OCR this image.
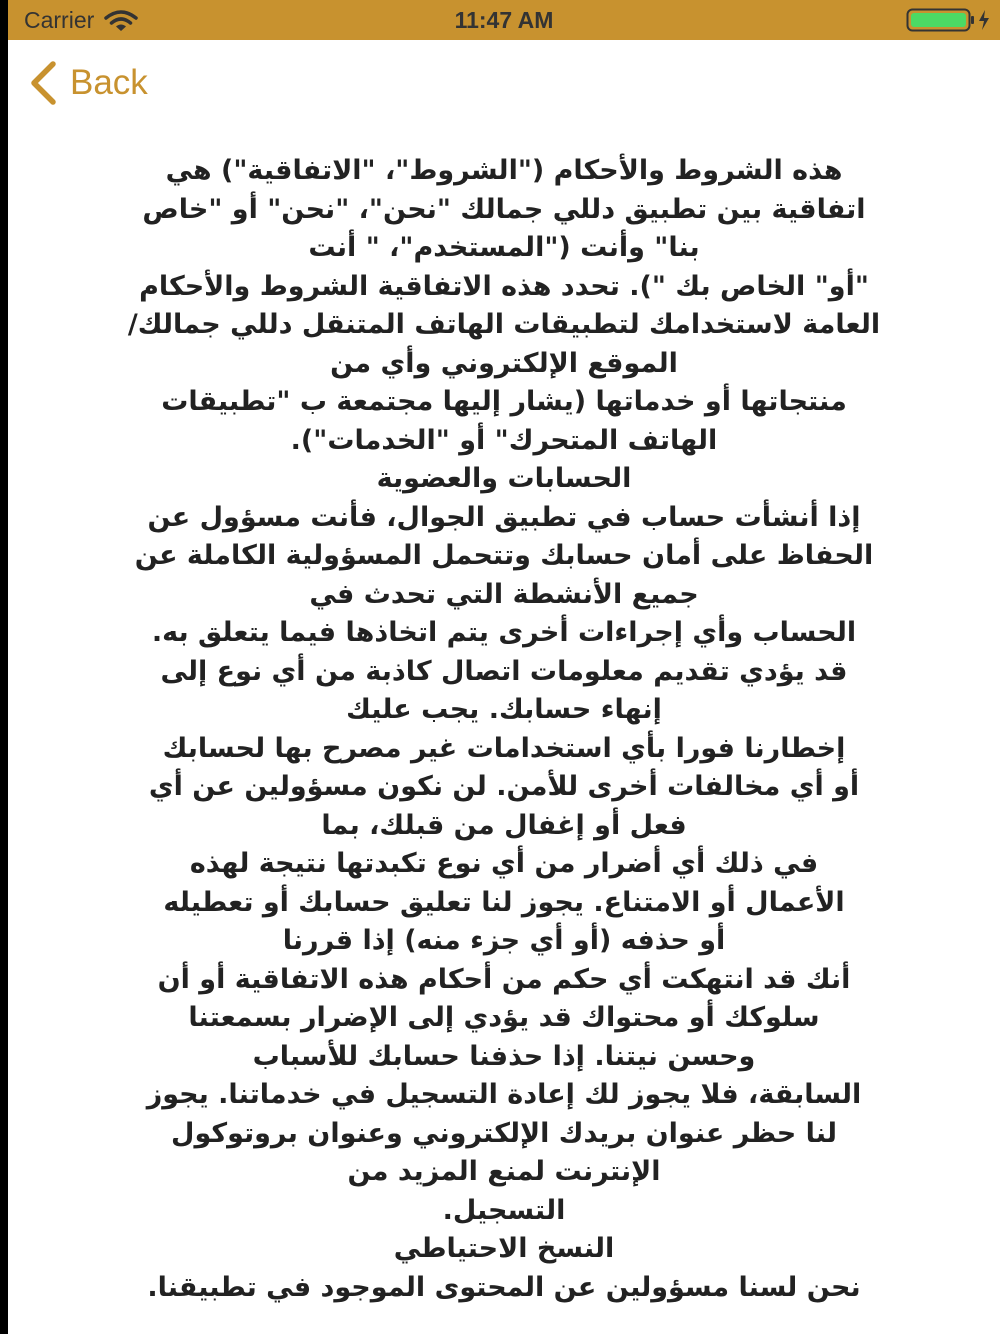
Carrier	11:47 AM
Back
هذه الشروط والأحكام ("الشروط"، "الاتفاقية") هي
اتفاقية بين تطبيق دللي جمالك "نحن"، "نحن" أو "خاص
بنا" وأنت ("المستخدم"، " أنت
"أو" الخاص بك "). تحدد هذه الاتفاقية الشروط والأحكام
العامة لاستخدامك لتطبيقات الهاتف المتنقل دللي جمالك/
الموقع الإلكتروني وأي من
منتجاتها أو خدماتها (يشار إليها مجتمعة ب "تطبيقات
الهاتف المتحرك" أو "الخدمات").
الحسابات والعضوية
إذا أنشأت حساب في تطبيق الجوال، فأنت مسؤول عن
الحفاظ على أمان حسابك وتتحمل المسؤولية الكاملة عن
جميع الأنشطة التي تحدث في
الحساب وأي إجراءات أخرى يتم اتخاذها فيما يتعلق به.
قد يؤدي تقديم معلومات اتصال كاذبة من أي نوع إلى
إنهاء حسابك. يجب عليك
إخطارنا فورا بأي استخدامات غير مصرح بها لحسابك
أو أي مخالفات أخرى للأمن. لن نكون مسؤولين عن أي
فعل أو إغفال من قبلك، بما
في ذلك أي أضرار من أي نوع تكبدتها نتيجة لهذه
الأعمال أو الامتناع. يجوز لنا تعليق حسابك أو تعطيله
أو حذفه (أو أي جزء منه) إذا قررنا
أنك قد انتهكت أي حكم من أحكام هذه الاتفاقية أو أن
سلوكك أو محتواك قد يؤدي إلى الإضرار بسمعتنا
وحسن نيتنا. إذا حذفنا حسابك للأسباب
السابقة، فلا يجوز لك إعادة التسجيل في خدماتنا. يجوز
لنا حظر عنوان بريدك الإلكتروني وعنوان بروتوكول
الإنترنت لمنع المزيد من
التسجيل.
النسخ الاحتياطي
نحن لسنا مسؤولين عن المحتوى الموجود في تطبيقنا.
